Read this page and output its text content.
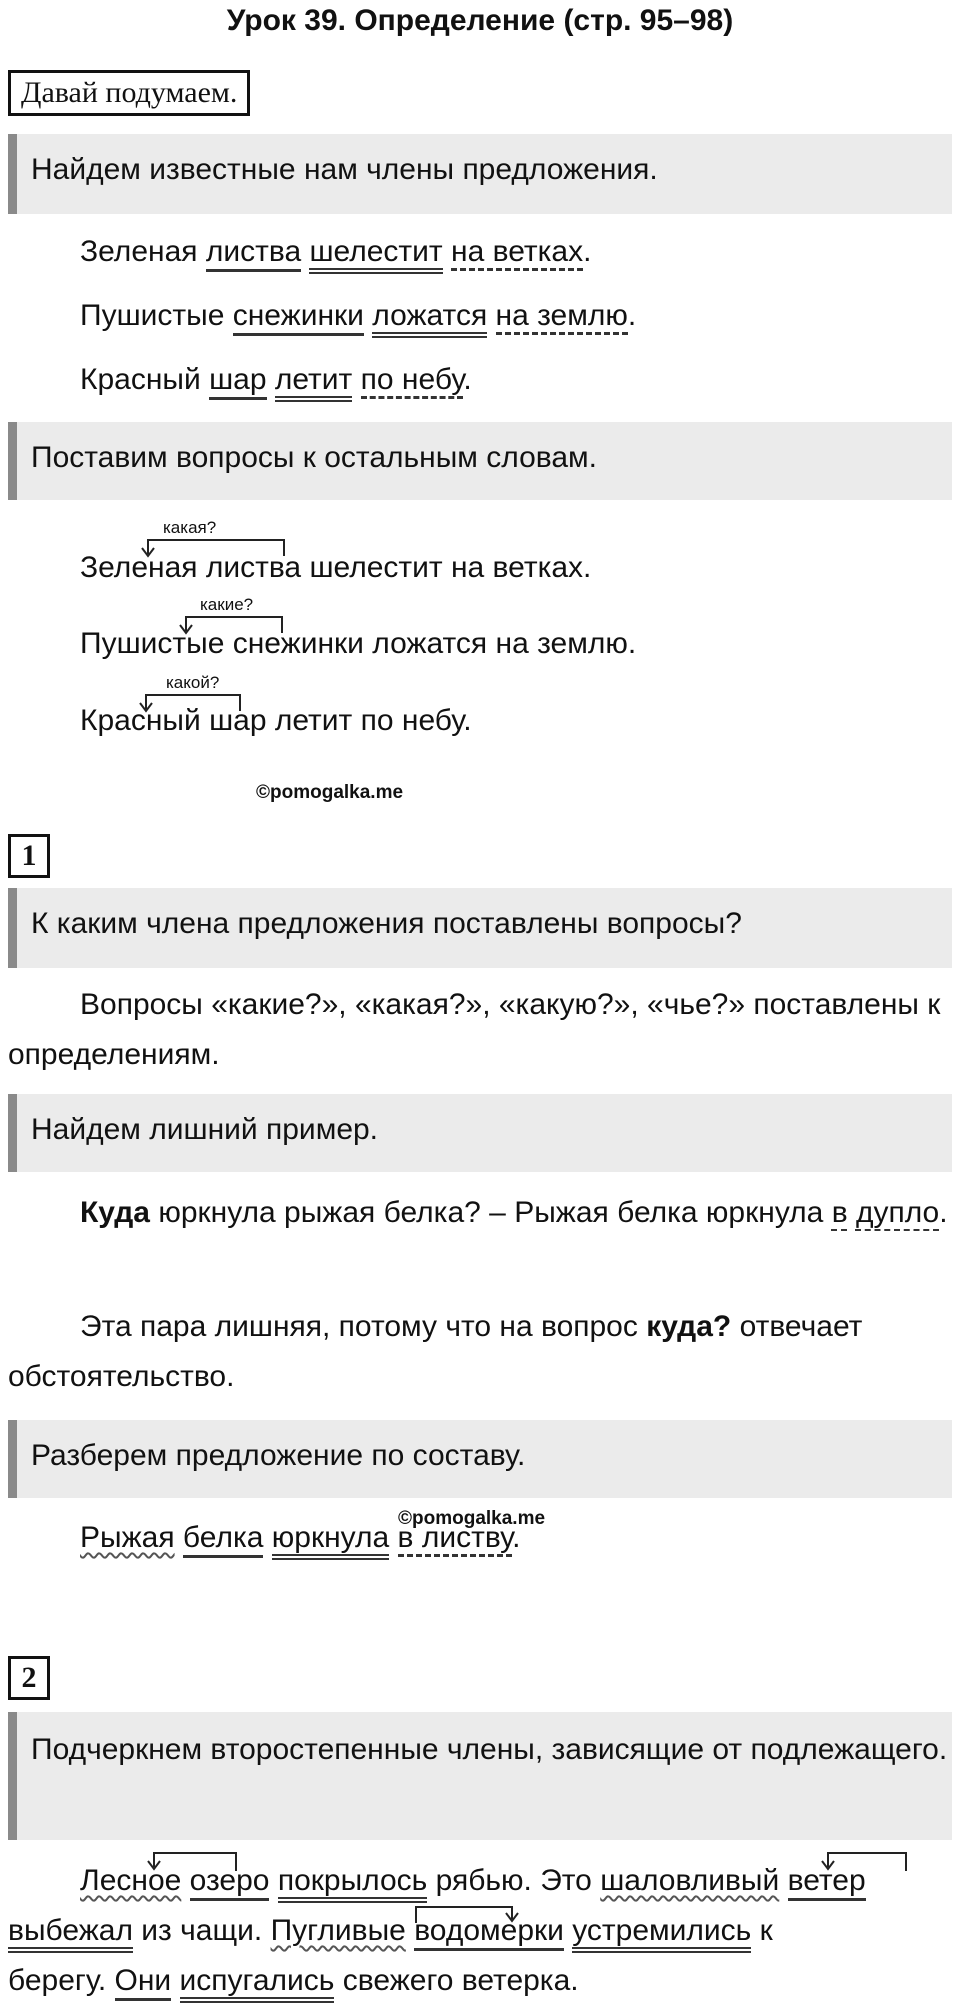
Урок 39. Определение (стр. 95–98)
Давай подумаем.
Найдем известные нам члены предложения.
Зеленая листва шелестит на ветках.
Пушистые снежинки ложатся на землю.
Красный шар летит по небу.
Поставим вопросы к остальным словам.
какая?
Зеленая листва шелестит на ветках.
какие?
Пушистые снежинки ложатся на землю.
какой?
Красный шар летит по небу.
©pomogalka.me
1
К каким члена предложения поставлены вопросы?
Вопросы «какие?», «какая?», «какую?», «чье?» поставлены к определениям.
Найдем лишний пример.
Куда юркнула рыжая белка? – Рыжая белка юркнула в дупло.
Эта пара лишняя, потому что на вопрос куда? отвечает обстоятельство.
Разберем предложение по составу.
©pomogalka.me
Рыжая белка юркнула в листву.
2
Подчеркнем второстепенные члены, зависящие от подлежащего.
Лесное озеро покрылось рябью. Это шаловливый ветер
выбежал из чащи. Пугливые водомерки устремились к
берегу. Они испугались свежего ветерка.
